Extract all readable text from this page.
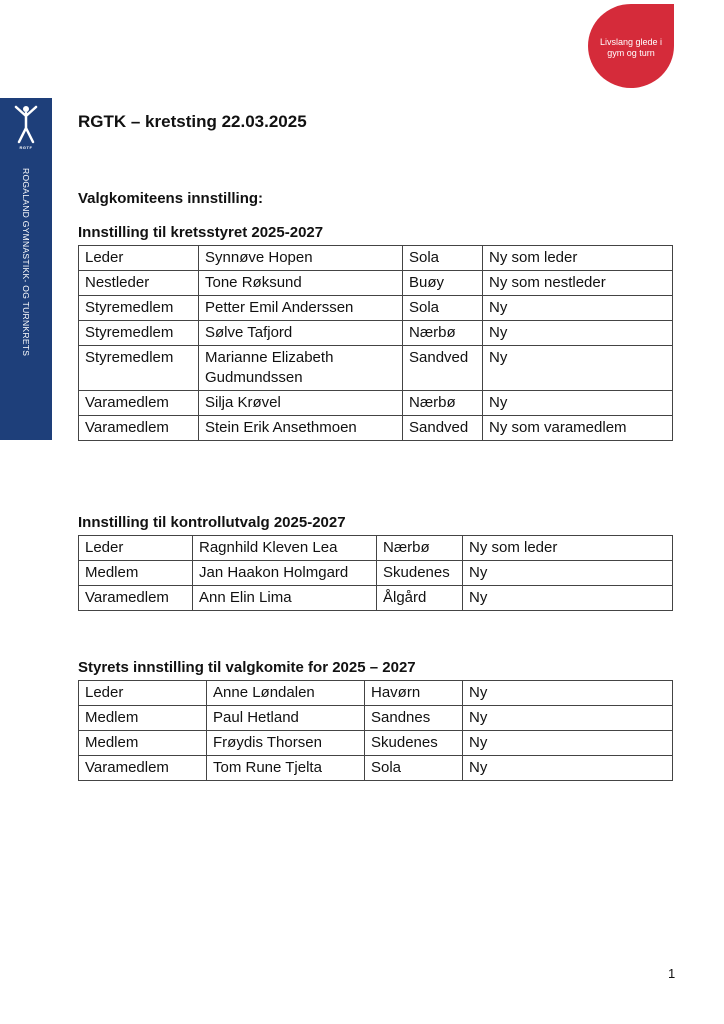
RGTF
ROGALAND GYMNASTIKK- OG TURNKRETS
Livslang glede i
gym og turn
RGTK – kretsting 22.03.2025
Valgkomiteens innstilling:
Innstilling til kretsstyret 2025-2027
Leder	Synnøve Hopen	Sola	Ny som leder
Nestleder	Tone Røksund	Buøy	Ny som nestleder
Styremedlem	Petter Emil Anderssen	Sola	Ny
Styremedlem	Sølve Tafjord	Nærbø	Ny
Styremedlem	Marianne Elizabeth Gudmundssen	Sandved	Ny
Varamedlem	Silja Krøvel	Nærbø	Ny
Varamedlem	Stein Erik Ansethmoen	Sandved	Ny som varamedlem
Innstilling til kontrollutvalg 2025-2027
Leder	Ragnhild Kleven Lea	Nærbø	Ny som leder
Medlem	Jan Haakon Holmgard	Skudenes	Ny
Varamedlem	Ann Elin Lima	Ålgård	Ny
Styrets innstilling til valgkomite for 2025 – 2027
Leder	Anne Løndalen	Havørn	Ny
Medlem	Paul Hetland	Sandnes	Ny
Medlem	Frøydis Thorsen	Skudenes	Ny
Varamedlem	Tom Rune Tjelta	Sola	Ny
1
